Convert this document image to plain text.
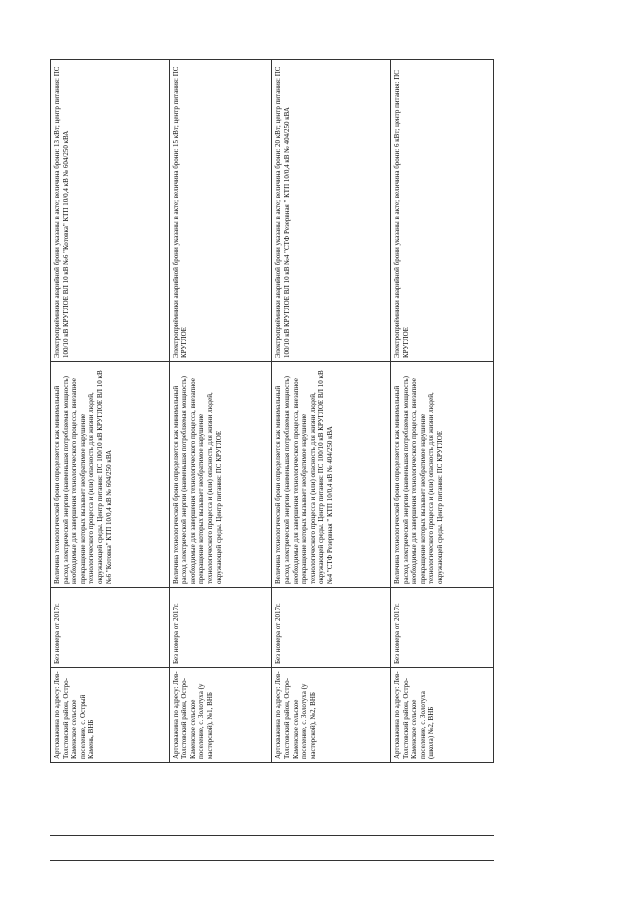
Артскважина по адресу: Лев-Толстовский район, Остро-Каменское сельское поселение, с. Острый Камень, ВНБ	Без номера от 2017г.	Величина технологической брони определяется как минимальный расход электрической энергии (наименьшая потребляемая мощность) необходимые для завершения технологического процесса, внезапное прекращение которых вызывает необратимое нарушение технологического процесса и (или) опасность для жизни людей, окружающей среды. Центр питания: ПС 100/10 кВ КРУГЛОЕ ВЛ 10 кВ №6 "Котовка" КТП 10/0,4 кВ № 604/250 кВА	Электроприёмники аварийной брони указаны в акте; величина брони: 13 кВт; центр питания: ПС 100/10 кВ КРУГЛОЕ ВЛ 10 кВ №6 "Котовка" КТП 10/0,4 кВ № 604/250 кВА
Артскважина по адресу: Лев-Толстовский район, Остро-Каменское сельское поселение, с. Золотуха (у мастерской), №1, ВНБ	Без номера от 2017г.	Величина технологической брони определяется как минимальный расход электрической энергии (наименьшая потребляемая мощность) необходимые для завершения технологического процесса, внезапное прекращение которых вызывает необратимое нарушение технологического процесса и (или) опасность для жизни людей, окружающей среды. Центр питания: ПС КРУГЛОЕ	Электроприёмники аварийной брони указаны в акте; величина брони: 15 кВт; центр питания: ПС КРУГЛОЕ
Артскважина по адресу: Лев-Толстовский район, Остро-Каменское сельское поселение, с. Золотуха (у мастерской), №2, ВНБ	Без номера от 2017г.	Величина технологической брони определяется как минимальный расход электрической энергии (наименьшая потребляемая мощность) необходимые для завершения технологического процесса, внезапное прекращение которых вызывает необратимое нарушение технологического процесса и (или) опасность для жизни людей, окружающей среды. Центр питания: ПС 100/10 кВ КРУГЛОЕ ВЛ 10 кВ №4 "СТФ Резервная " КТП 10/0,4 кВ № 404/250 кВА	Электроприёмники аварийной брони указаны в акте; величина брони: 20 кВт; центр питания: ПС 100/10 кВ КРУГЛОЕ ВЛ 10 кВ №4 "СТФ Резервная " КТП 10/0,4 кВ № 404/250 кВА
Артскважина по адресу: Лев-Толстовский район, Остро-Каменское сельское поселение, с. Золотуха (школа) №2, ВНБ	Без номера от 2017г.	Величина технологической брони определяется как минимальный расход электрической энергии (наименьшая потребляемая мощность) необходимые для завершения технологического процесса, внезапное прекращение которых вызывает необратимое нарушение технологического процесса и (или) опасность для жизни людей, окружающей среды. Центр питания: ПС КРУГЛОЕ	Электроприёмники аварийной брони указаны в акте; величина брони: 6 кВт; центр питания: ПС КРУГЛОЕ
